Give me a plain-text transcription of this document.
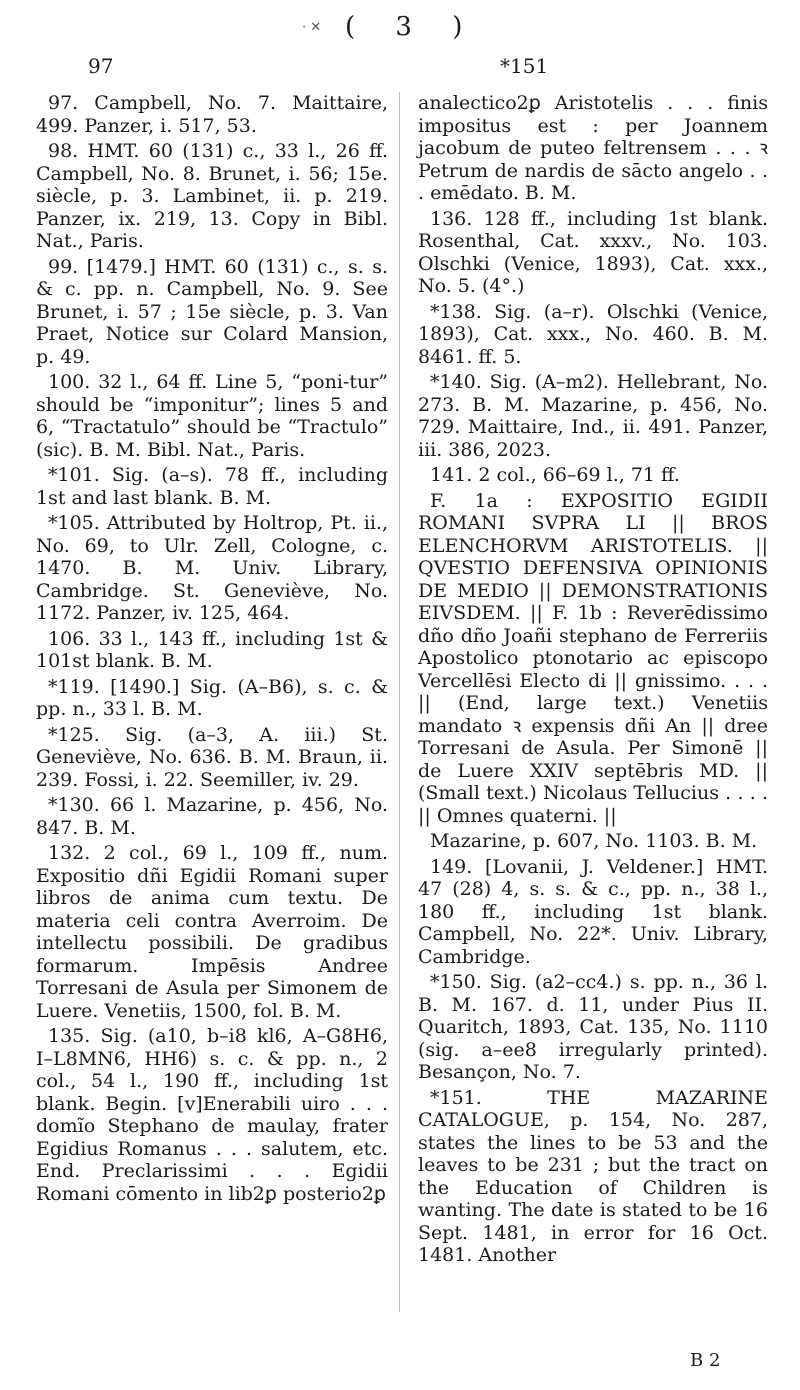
· ✕ ( 3 )
97	*151

97. Campbell, No. 7. Maittaire, 499. Panzer, i. 517, 53.

98. HMT. 60 (131) c., 33 l., 26 ff. Campbell, No. 8. Brunet, i. 56; 15e. siècle, p. 3. Lambinet, ii. p. 219. Panzer, ix. 219, 13. Copy in Bibl. Nat., Paris.

99. [1479.] HMT. 60 (131) c., s. s. & c. pp. n. Campbell, No. 9. See Brunet, i. 57 ; 15e siècle, p. 3. Van Praet, Notice sur Colard Mansion, p. 49.

100. 32 l., 64 ff. Line 5, “poni-tur” should be “imponitur”; lines 5 and 6, “Tractatulo” should be “Tractulo” (sic). B. M. Bibl. Nat., Paris.

*101. Sig. (a–s). 78 ff., including 1st and last blank. B. M.

*105. Attributed by Holtrop, Pt. ii., No. 69, to Ulr. Zell, Cologne, c. 1470. B. M. Univ. Library, Cambridge. St. Geneviève, No. 1172. Panzer, iv. 125, 464.

106. 33 l., 143 ff., including 1st & 101st blank. B. M.

*119. [1490.] Sig. (A–B6), s. c. & pp. n., 33 l. B. M.

*125. Sig. (a–3, A. iii.) St. Geneviève, No. 636. B. M. Braun, ii. 239. Fossi, i. 22. Seemiller, iv. 29.

*130. 66 l. Mazarine, p. 456, No. 847. B. M.

132. 2 col., 69 l., 109 ff., num. Expositio dñi Egidii Romani super libros de anima cum textu. De materia celi contra Averroim. De intellectu possibili. De gradibus formarum. Impēsis Andree Torresani de Asula per Simonem de Luere. Venetiis, 1500, fol. B. M.

135. Sig. (a10, b–i8 kl6, A–G8H6, I–L8MN6, HH6) s. c. & pp. n., 2 col., 54 l., 190 ff., including 1st blank. Begin. [v]Enerabili uiro . . . domĩo Stephano de maulay, frater Egidius Romanus . . . salutem, etc. End. Preclarissimi . . . Egidii Romani cōmento in lib2ꝑ posterio2ꝑ

analectico2ꝑ Aristotelis . . . finis impositus est : per Joannem jacobum de puteo feltrensem . . . ꝛ Petrum de nardis de sācto angelo . . . emēdato. B. M.

136. 128 ff., including 1st blank. Rosenthal, Cat. xxxv., No. 103. Olschki (Venice, 1893), Cat. xxx., No. 5. (4°.)

*138. Sig. (a–r). Olschki (Venice, 1893), Cat. xxx., No. 460. B. M. 8461. ff. 5.

*140. Sig. (A–m2). Hellebrant, No. 273. B. M. Mazarine, p. 456, No. 729. Maittaire, Ind., ii. 491. Panzer, iii. 386, 2023.

141. 2 col., 66–69 l., 71 ff.

F. 1a : EXPOSITIO EGIDII ROMANI SVPRA LI || BROS ELENCHORVM ARISTOTELIS. || QVESTIO DEFENSIVA OPINIONIS DE MEDIO || DEMONSTRATIONIS EIVSDEM. || F. 1b : Reverēdissimo dño dño Joañi stephano de Ferreriis Apostolico ptonotario ac episcopo Vercellēsi Electo di || gnissimo. . . . || (End, large text.) Venetiis mandato ꝛ expensis dñi An || dree Torresani de Asula. Per Simonē || de Luere XXIV septēbris MD. || (Small text.) Nicolaus Tellucius . . . . || Omnes quaterni. ||

Mazarine, p. 607, No. 1103. B. M.

149. [Lovanii, J. Veldener.] HMT. 47 (28) 4, s. s. & c., pp. n., 38 l., 180 ff., including 1st blank. Campbell, No. 22*. Univ. Library, Cambridge.

*150. Sig. (a2–cc4.) s. pp. n., 36 l. B. M. 167. d. 11, under Pius II. Quaritch, 1893, Cat. 135, No. 1110 (sig. a–ee8 irregularly printed). Besançon, No. 7.

*151. THE MAZARINE CATALOGUE, p. 154, No. 287, states the lines to be 53 and the leaves to be 231 ; but the tract on the Education of Children is wanting. The date is stated to be 16 Sept. 1481, in error for 16 Oct. 1481. Another

B 2
